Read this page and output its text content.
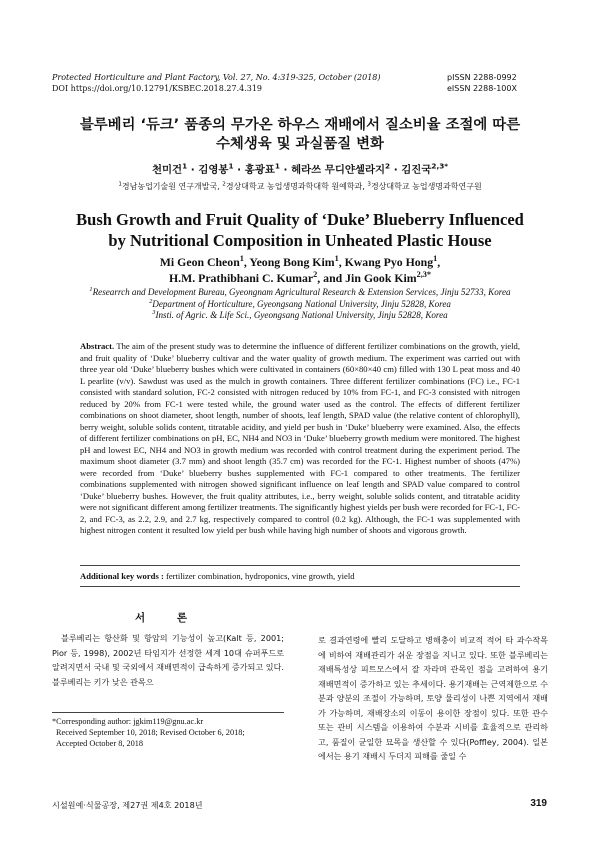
Protected Horticulture and Plant Factory, Vol. 27, No. 4:319-325, October (2018)
DOI https://doi.org/10.12791/KSBEC.2018.27.4.319
pISSN 2288-0992
eISSN 2288-100X
블루베리 ‘듀크’ 품종의 무가온 하우스 재배에서 질소비율 조절에 따른
수체생육 및 과실품질 변화
천미건$^1$ · 김영봉$^1$ · 홍광표$^1$ · 헤라쓰 무디얀셀라지$^2$ · 김진국$^{2,3*}$
$^1$경남농업기술원 연구개발국, $^2$경상대학교 농업생명과학대학 원예학과, $^3$경상대학교 농업생명과학연구원
Bush Growth and Fruit Quality of ‘Duke’ Blueberry Influenced
by Nutritional Composition in Unheated Plastic House
Mi Geon Cheon$^1$, Yeong Bong Kim$^1$, Kwang Pyo Hong$^1$,
H.M. Prathibhani C. Kumar$^2$, and Jin Gook Kim$^{2,3*}$
$^1$Researrch and Development Bureau, Gyeongnam Agricultural Research & Extension Services, Jinju 52733, Korea
$^2$Department of Horticulture, Gyeongsang National University, Jinju 52828, Korea
$^3$Insti. of Agric. & Life Sci., Gyeongsang National University, Jinju 52828, Korea
Abstract. The aim of the present study was to determine the influence of different fertilizer combinations on the growth, yield, and fruit quality of ‘Duke’ blueberry cultivar and the water quality of growth medium. The experiment was carried out with three year old ‘Duke’ blueberry bushes which were cultivated in containers (60×80×40 cm) filled with 130 L peat moss and 40 L pearlite (v/v). Sawdust was used as the mulch in growth containers. Three different fertilizer combinations (FC) i.e., FC-1 consisted with standard solution, FC-2 consisted with nitrogen reduced by 10% from FC-1, and FC-3 consisted with nitrogen reduced by 20% from FC-1 were tested while, the ground water used as the control. The effects of different fertilizer combinations on shoot diameter, shoot length, number of shoots, leaf length, SPAD value (the relative content of chlorophyll), berry weight, soluble solids content, titratable acidity, and yield per bush in ‘Duke’ blueberry were examined. Also, the effects of different fertilizer combinations on pH, EC, NH4 and NO3 in ‘Duke’ blueberry growth medium were monitored. The highest pH and lowest EC, NH4 and NO3 in growth medium was recorded with control treatment during the experiment period. The maximum shoot diameter (3.7 mm) and shoot length (35.7 cm) was recorded for the FC-1. Highest number of shoots (47%) were recorded from ‘Duke’ blueberry bushes supplemented with FC-1 compared to other treatments. The fertilizer combinations supplemented with nitrogen showed significant influence on leaf length and SPAD value compared to control ‘Duke’ blueberry bushes. However, the fruit quality attributes, i.e., berry weight, soluble solids content, and titratable acidity were not significant different among fertilizer treatments. The significantly highest yields per bush were recorded for FC-1, FC-2, and FC-3, as 2.2, 2.9, and 2.7 kg, respectively compared to control (0.2 kg). Although, the FC-1 was supplemented with highest nitrogen content it resulted low yield per bush while having high number of shoots and vigorous growth.
Additional key words : fertilizer combination, hydroponics, vine growth, yield
서 론
블루베리는 항산화 및 항암의 기능성이 높고(Kalt 등, 2001; Pior 등, 1998), 2002년 타임지가 선정한 세계 10대 슈퍼푸드로 알려지면서 국내 및 국외에서 재배면적이 급속하게 증가되고 있다. 블루베리는 키가 낮은 관목으
로 결과연령에 빨리 도달하고 병해충이 비교적 적어 타 과수작목에 비하여 재배관리가 쉬운 장점을 지니고 있다. 또한 블루베리는 재배특성상 피트모스에서 잘 자라며 관목인 점을 고려하여 용기 재배면적이 증가하고 있는 추세이다. 용기재배는 근역제한으로 수분과 양분의 조절이 가능하며, 토양 물리성이 나쁜 지역에서 재배가 가능하며, 재배장소의 이동이 용이한 장점이 있다. 또한 관수 또는 관비 시스템을 이용하여 수분과 시비를 효율적으로 관리하고, 품질이 균일한 묘목을 생산할 수 있다(Poffley, 2004). 일본에서는 용기 재배시 두더지 피해를 줄일 수
*Corresponding author: jgkim119@gnu.ac.kr
Received September 10, 2018; Revised October 6, 2018;
Accepted October 8, 2018
시설원예·식물공장, 제27권 제4호 2018년	319
